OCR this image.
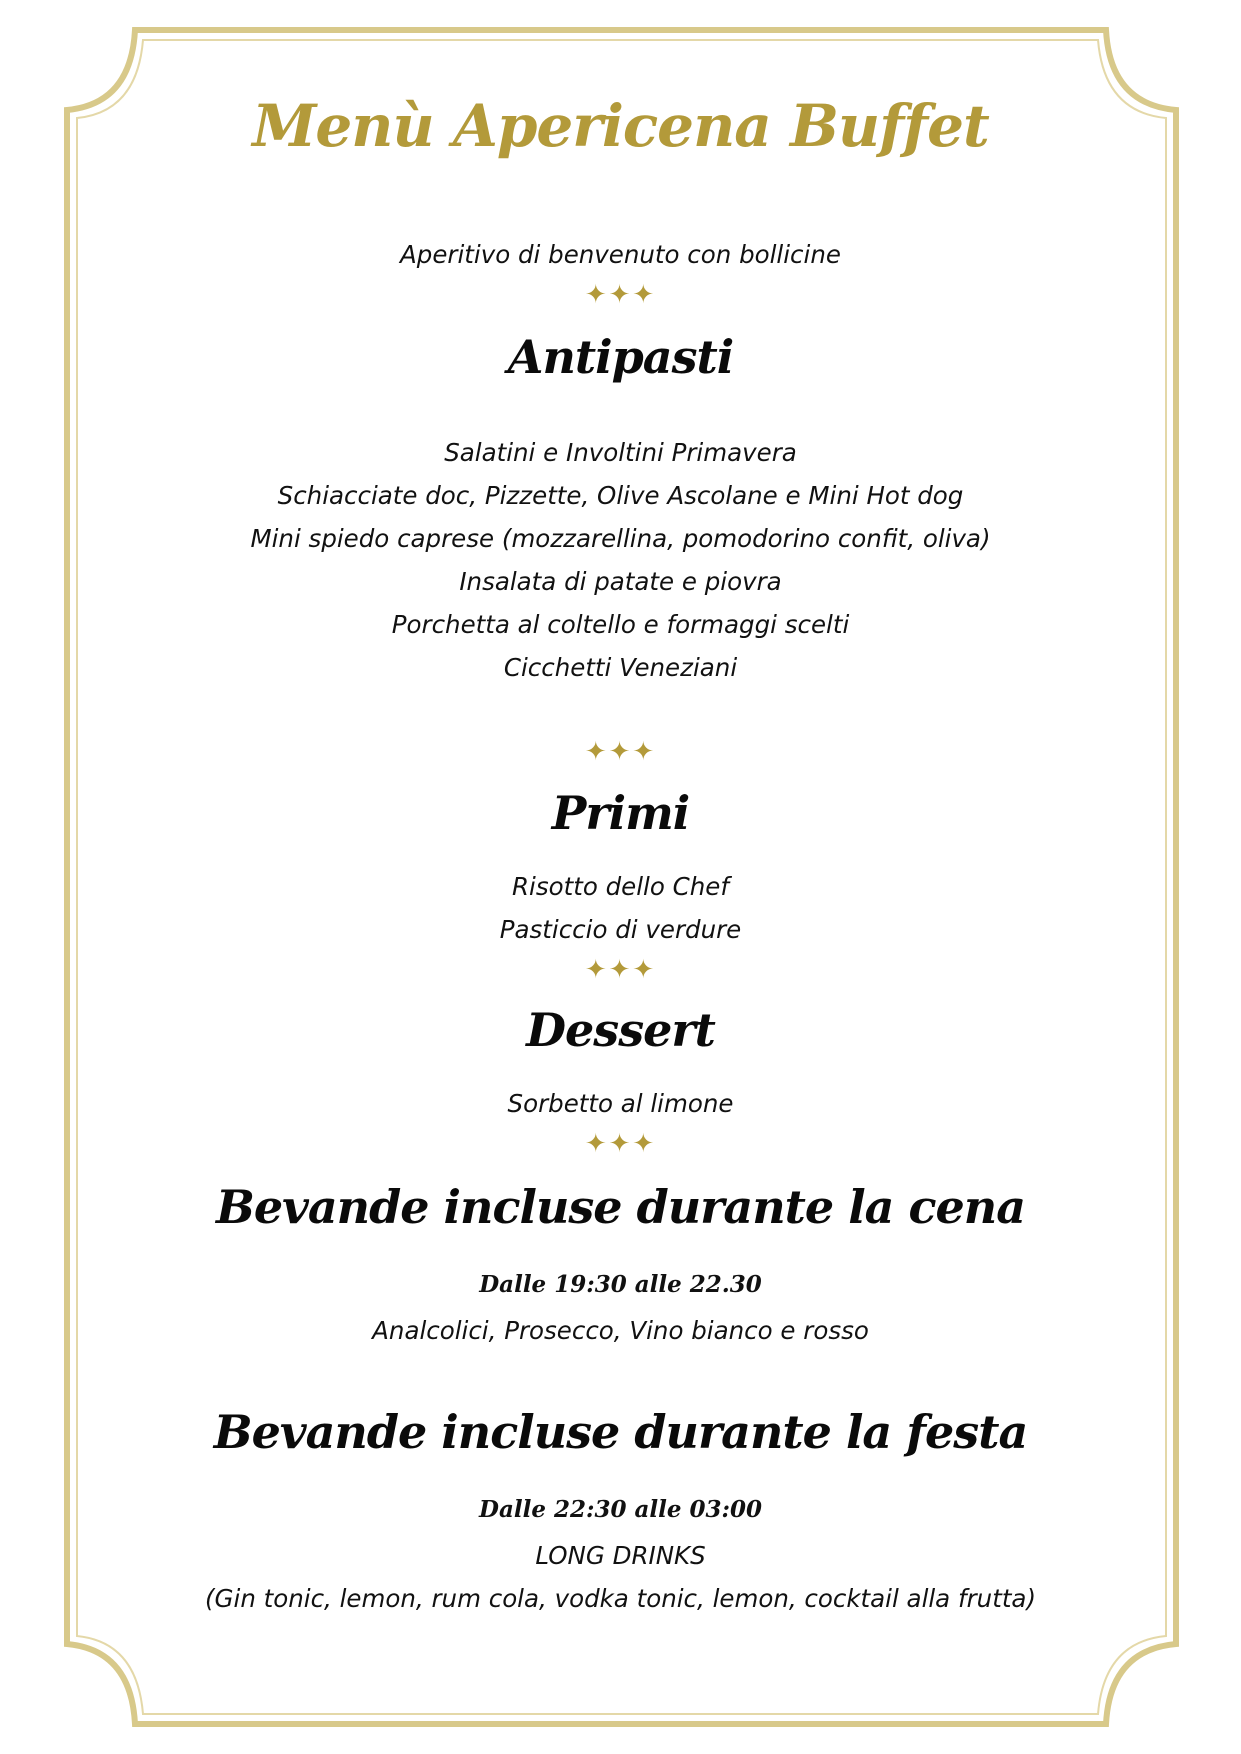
Menù Apericena Buffet
Aperitivo di benvenuto con bollicine
✦✦✦
Antipasti
Salatini e Involtini Primavera
Schiacciate doc, Pizzette, Olive Ascolane e Mini Hot dog
Mini spiedo caprese (mozzarellina, pomodorino confit, oliva)
Insalata di patate e piovra
Porchetta al coltello e formaggi scelti
Cicchetti Veneziani
✦✦✦
Primi
Risotto dello Chef
Pasticcio di verdure
✦✦✦
Dessert
Sorbetto al limone
✦✦✦
Bevande incluse durante la cena
Dalle 19:30 alle 22.30
Analcolici, Prosecco, Vino bianco e rosso
Bevande incluse durante la festa
Dalle 22:30 alle 03:00
LONG DRINKS
(Gin tonic, lemon, rum cola, vodka tonic, lemon, cocktail alla frutta)
